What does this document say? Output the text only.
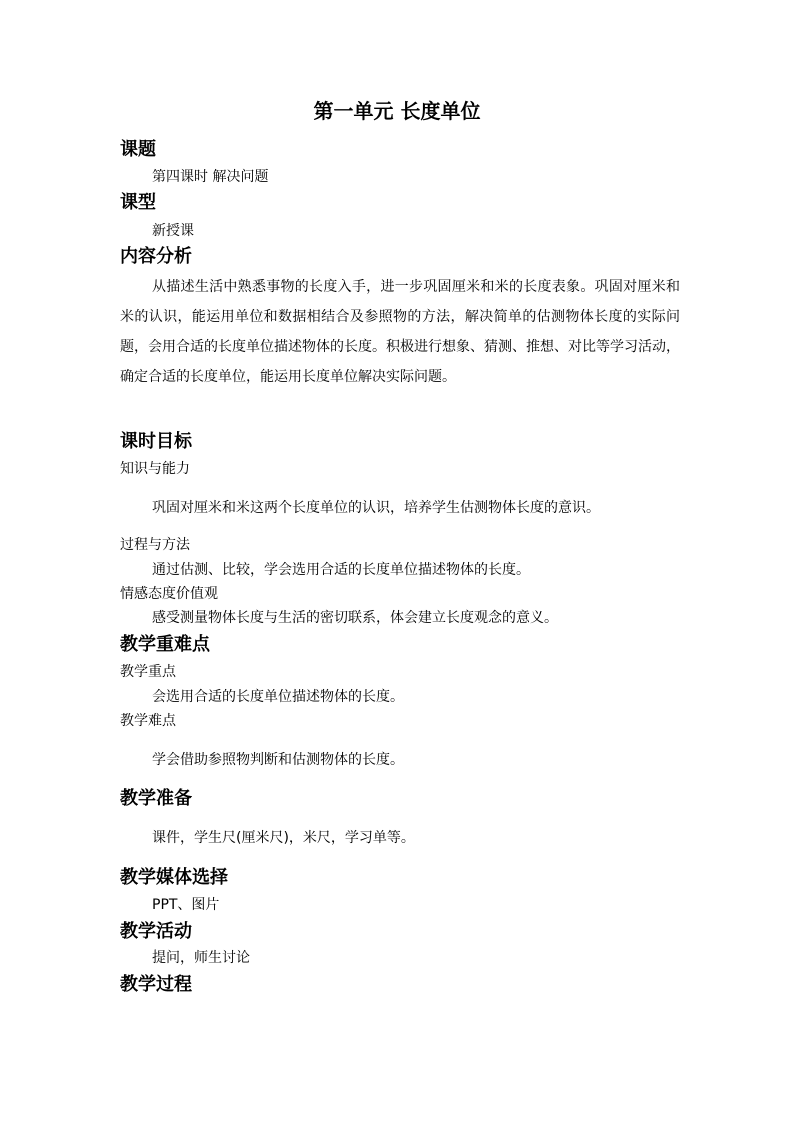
第一单元 长度单位
课题
第四课时 解决问题
课型
新授课
内容分析

从描述生活中熟悉事物的长度入手，进一步巩固厘米和米的长度表象。巩固对厘米和米的认识，能运用单位和数据相结合及参照物的方法，解决简单的估测物体长度的实际问题，会用合适的长度单位描述物体的长度。积极进行想象、猜测、推想、对比等学习活动，确定合适的长度单位，能运用长度单位解决实际问题。

课时目标
知识与能力
巩固对厘米和米这两个长度单位的认识，培养学生估测物体长度的意识。
过程与方法
通过估测、比较，学会选用合适的长度单位描述物体的长度。
情感态度价值观
感受测量物体长度与生活的密切联系，体会建立长度观念的意义。
教学重难点
教学重点
会选用合适的长度单位描述物体的长度。
教学难点
学会借助参照物判断和估测物体的长度。
教学准备
课件，学生尺(厘米尺)，米尺，学习单等。
教学媒体选择
PPT、图片
教学活动
提问，师生讨论
教学过程
